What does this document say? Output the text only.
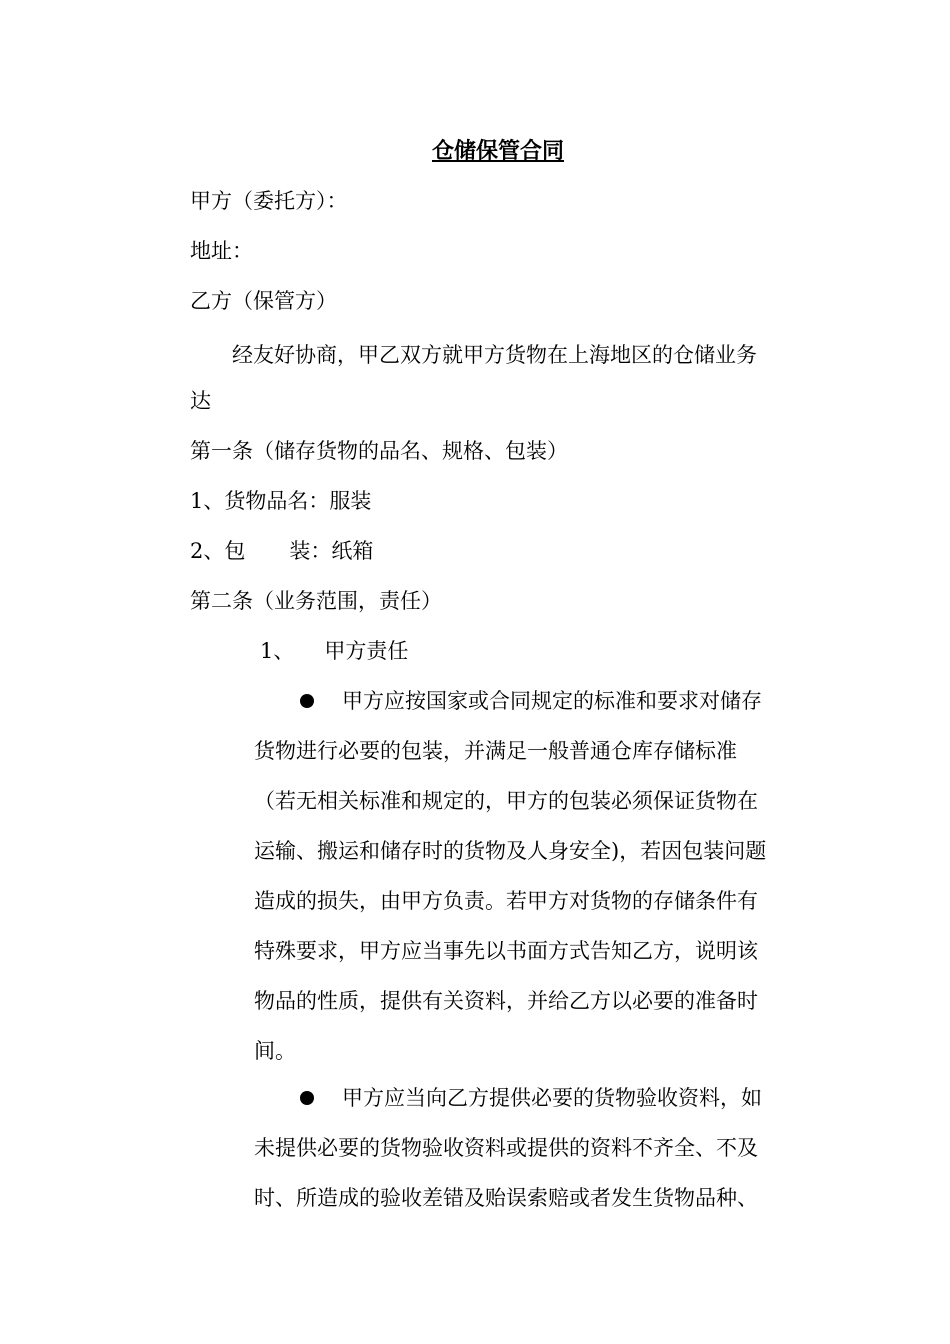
仓储保管合同
甲方（委托方）：
地址：
乙方（保管方）
经友好协商，甲乙双方就甲方货物在上海地区的仓储业务
达
第一条（储存货物的品名、规格、包装）
1、货物品名：服装
2、包 装：纸箱
第二条（业务范围，责任）
1、 甲方责任
甲方应按国家或合同规定的标准和要求对储存
货物进行必要的包装，并满足一般普通仓库存储标准
（若无相关标准和规定的，甲方的包装必须保证货物在
运输、搬运和储存时的货物及人身安全)，若因包装问题
造成的损失，由甲方负责。若甲方对货物的存储条件有
特殊要求，甲方应当事先以书面方式告知乙方，说明该
物品的性质，提供有关资料，并给乙方以必要的准备时
间。
甲方应当向乙方提供必要的货物验收资料，如
未提供必要的货物验收资料或提供的资料不齐全、不及
时、所造成的验收差错及贻误索赔或者发生货物品种、
